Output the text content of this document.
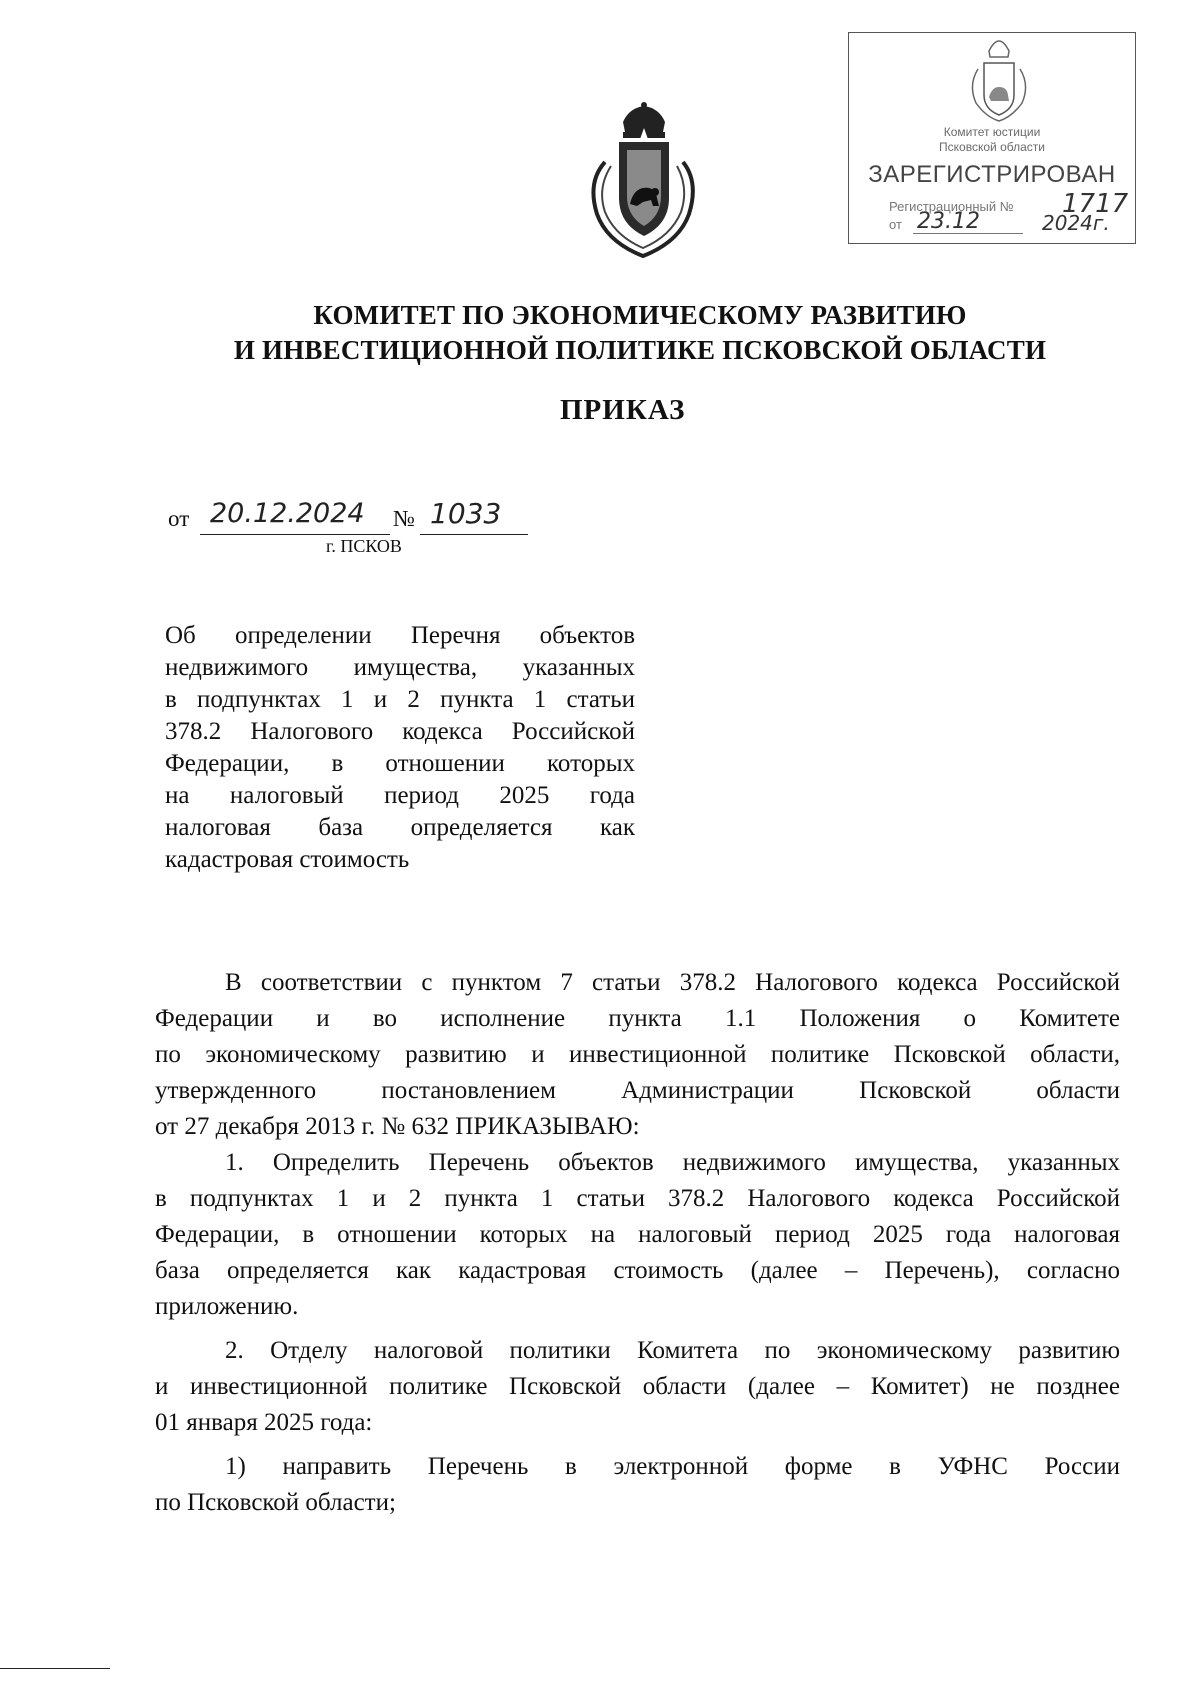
Комитет юстиции
Псковской области
ЗАРЕГИСТРИРОВАН
Регистрационный № 1717
от 23.12	2024г.
КОМИТЕТ ПО ЭКОНОМИЧЕСКОМУ РАЗВИТИЮ
И ИНВЕСТИЦИОННОЙ ПОЛИТИКЕ ПСКОВСКОЙ ОБЛАСТИ
ПРИКАЗ
от 20.12.2024 № 1033
г. ПСКОВ
Об определении Перечня объектов
недвижимого имущества, указанных
в подпунктах 1 и 2 пункта 1 статьи
378.2 Налогового кодекса Российской
Федерации, в отношении которых
на налоговый период 2025 года
налоговая база определяется как
кадастровая стоимость
В соответствии с пунктом 7 статьи 378.2 Налогового кодекса Российской
Федерации и во исполнение пункта 1.1 Положения о Комитете
по экономическому развитию и инвестиционной политике Псковской области,
утвержденного постановлением Администрации Псковской области
от 27 декабря 2013 г. № 632 ПРИКАЗЫВАЮ:
1. Определить Перечень объектов недвижимого имущества, указанных
в подпунктах 1 и 2 пункта 1 статьи 378.2 Налогового кодекса Российской
Федерации, в отношении которых на налоговый период 2025 года налоговая
база определяется как кадастровая стоимость (далее – Перечень), согласно
приложению.
2. Отделу налоговой политики Комитета по экономическому развитию
и инвестиционной политике Псковской области (далее – Комитет) не позднее
01 января 2025 года:
1) направить Перечень в электронной форме в УФНС России
по Псковской области;
